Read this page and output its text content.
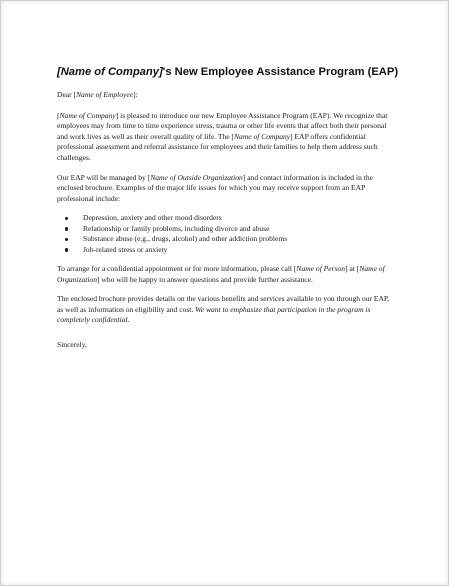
[Name of Company]'s New Employee Assistance Program (EAP)

Dear [Name of Employee]:

[Name of Company] is pleased to introduce our new Employee Assistance Program (EAP). We recognize that employees may from time to time experience stress, trauma or other life events that affect both their personal and work lives as well as their overall quality of life. The [Name of Company] EAP offers confidential professional assessment and referral assistance for employees and their families to help them address such challenges.

Our EAP will be managed by [Name of Outside Organization] and contact information is included in the enclosed brochure. Examples of the major life issues for which you may receive support from an EAP professional include:

Depression, anxiety and other mood disorders
Relationship or family problems, including divorce and abuse
Substance abuse (e.g., drugs, alcohol) and other addiction problems
Job-related stress or anxiety

To arrange for a confidential appointment or for more information, please call [Name of Person] at [Name of Organization] who will be happy to answer questions and provide further assistance.

The enclosed brochure provides details on the various benefits and services available to you through our EAP, as well as information on eligibility and cost. We want to emphasize that participation in the program is completely confidential.

Sincerely,
